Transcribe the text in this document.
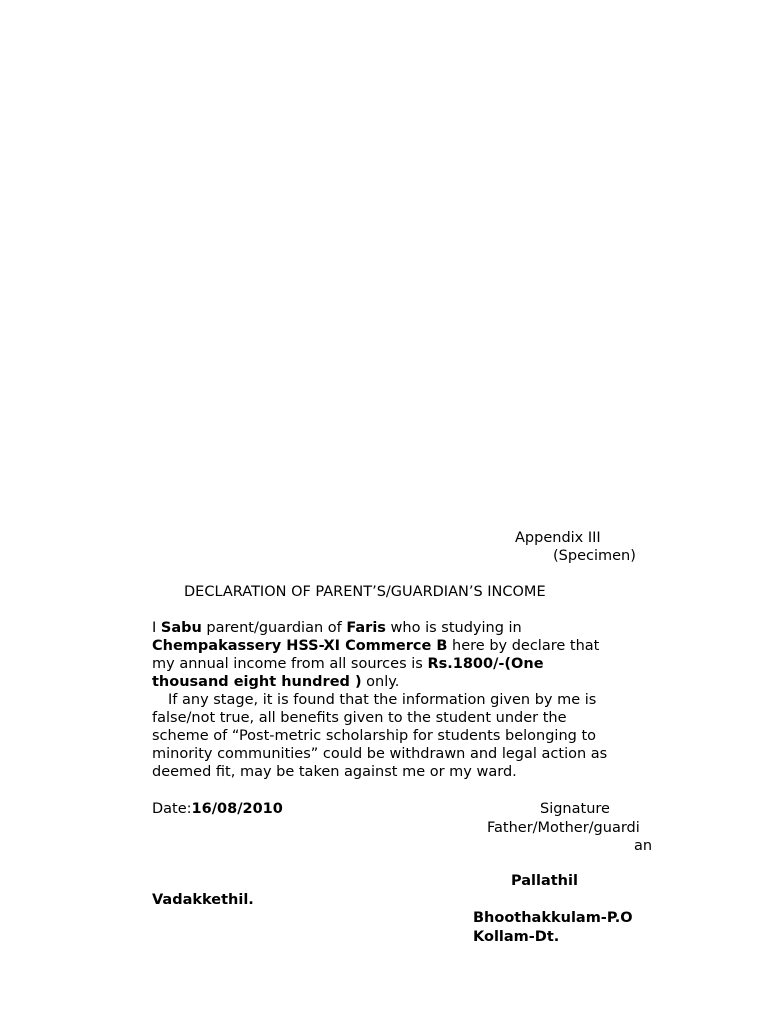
Appendix III
(Specimen)
DECLARATION OF PARENT’S/GUARDIAN’S INCOME
I Sabu parent/guardian of Faris who is studying in
Chempakassery HSS-XI Commerce B here by declare that
my annual income from all sources is Rs.1800/-(One
thousand eight hundred ) only.
If any stage, it is found that the information given by me is
false/not true, all benefits given to the student under the
scheme of “Post-metric scholarship for students belonging to
minority communities” could be withdrawn and legal action as
deemed fit, may be taken against me or my ward.
Date:16/08/2010	Signature
Father/Mother/guardi
an
Pallathil
Vadakkethil.
Bhoothakkulam-P.O
Kollam-Dt.
